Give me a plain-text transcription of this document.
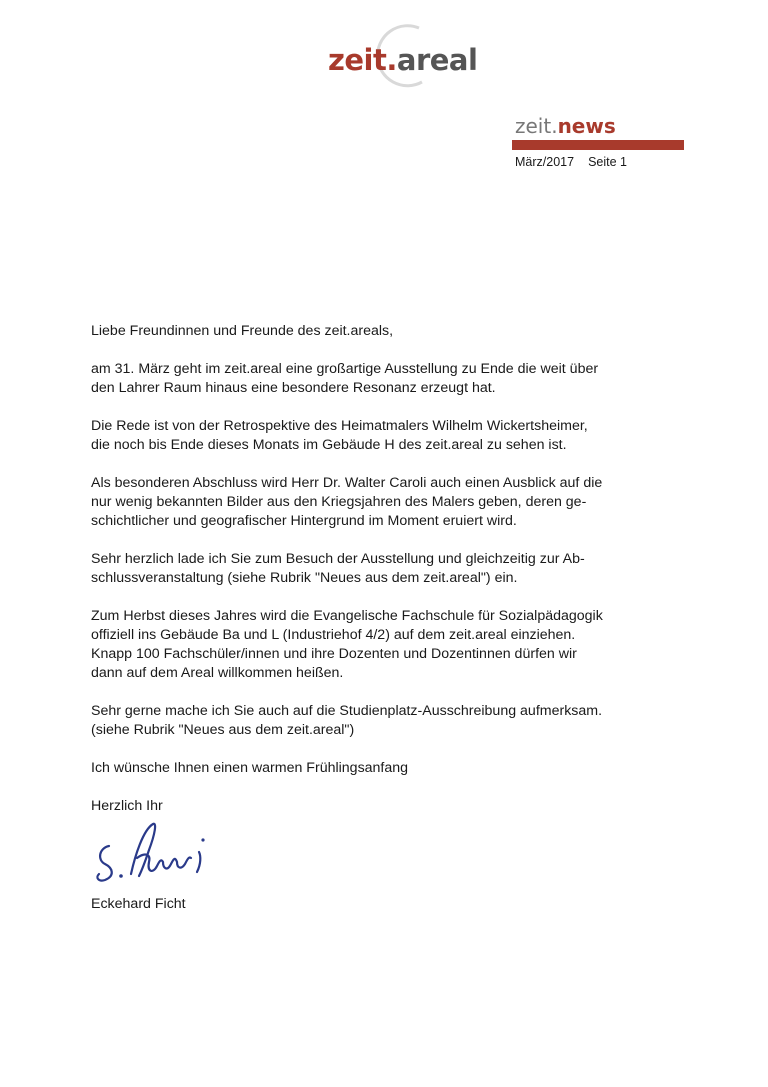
zeit.areal
zeit.news
März/2017 Seite 1

Liebe Freundinnen und Freunde des zeit.areals,

am 31. März geht im zeit.areal eine großartige Ausstellung zu Ende die weit über
den Lahrer Raum hinaus eine besondere Resonanz erzeugt hat.

Die Rede ist von der Retrospektive des Heimatmalers Wilhelm Wickertsheimer,
die noch bis Ende dieses Monats im Gebäude H des zeit.areal zu sehen ist.

Als besonderen Abschluss wird Herr Dr. Walter Caroli auch einen Ausblick auf die
nur wenig bekannten Bilder aus den Kriegsjahren des Malers geben, deren ge-
schichtlicher und geografischer Hintergrund im Moment eruiert wird.

Sehr herzlich lade ich Sie zum Besuch der Ausstellung und gleichzeitig zur Ab-
schlussveranstaltung (siehe Rubrik "Neues aus dem zeit.areal") ein.

Zum Herbst dieses Jahres wird die Evangelische Fachschule für Sozialpädagogik
offiziell ins Gebäude Ba und L (Industriehof 4/2) auf dem zeit.areal einziehen.
Knapp 100 Fachschüler/innen und ihre Dozenten und Dozentinnen dürfen wir
dann auf dem Areal willkommen heißen.

Sehr gerne mache ich Sie auch auf die Studienplatz-Ausschreibung aufmerksam.
(siehe Rubrik "Neues aus dem zeit.areal")

Ich wünsche Ihnen einen warmen Frühlingsanfang

Herzlich Ihr

Eckehard Ficht
